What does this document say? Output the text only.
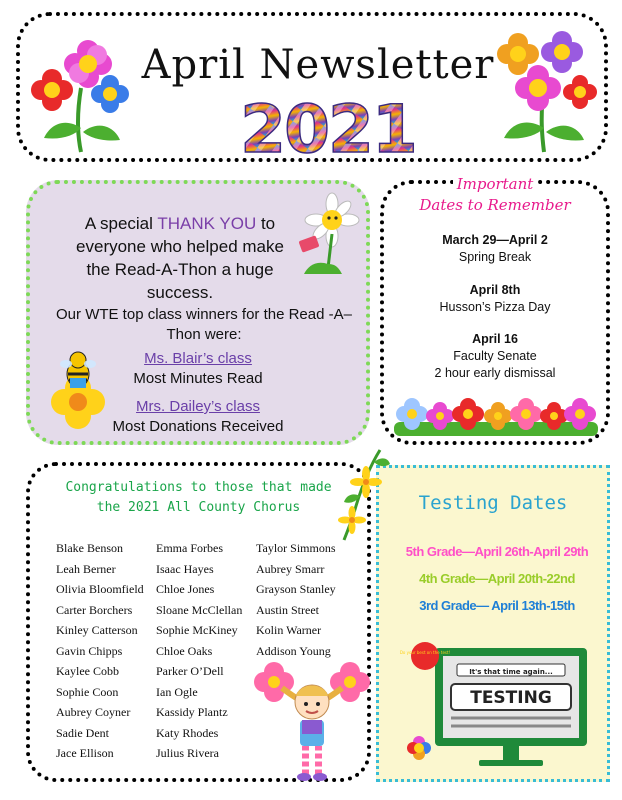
April Newsletter
2021
A special THANK YOU to everyone who helped make the Read-A-Thon a huge success.
Our WTE top class winners for the Read -A– Thon were:
Ms. Blair’s class
Most Minutes Read
Mrs. Dailey’s class
Most Donations Received
Important
Dates to Remember
March 29—April 2
Spring Break
April 8th
Husson’s Pizza Day
April 16
Faculty Senate
2 hour early dismissal
Congratulations to those that made
the 2021 All County Chorus
Blake Benson
Leah Berner
Olivia Bloomfield
Carter Borchers
Kinley Catterson
Gavin Chipps
Kaylee Cobb
Sophie Coon
Aubrey Coyner
Sadie Dent
Jace Ellison
Emma Forbes
Isaac Hayes
Chloe Jones
Sloane McClellan
Sophie McKiney
Chloe Oaks
Parker O’Dell
Ian Ogle
Kassidy Plantz
Katy Rhodes
Julius Rivera
Taylor Simmons
Aubrey Smarr
Grayson Stanley
Austin Street
Kolin Warner
Addison Young
Testing Dates
5th Grade—April 26th-April 29th
4th Grade—April 20th-22nd
3rd Grade— April 13th-15th
It's that time again...
TESTING
Do your best on the test!
